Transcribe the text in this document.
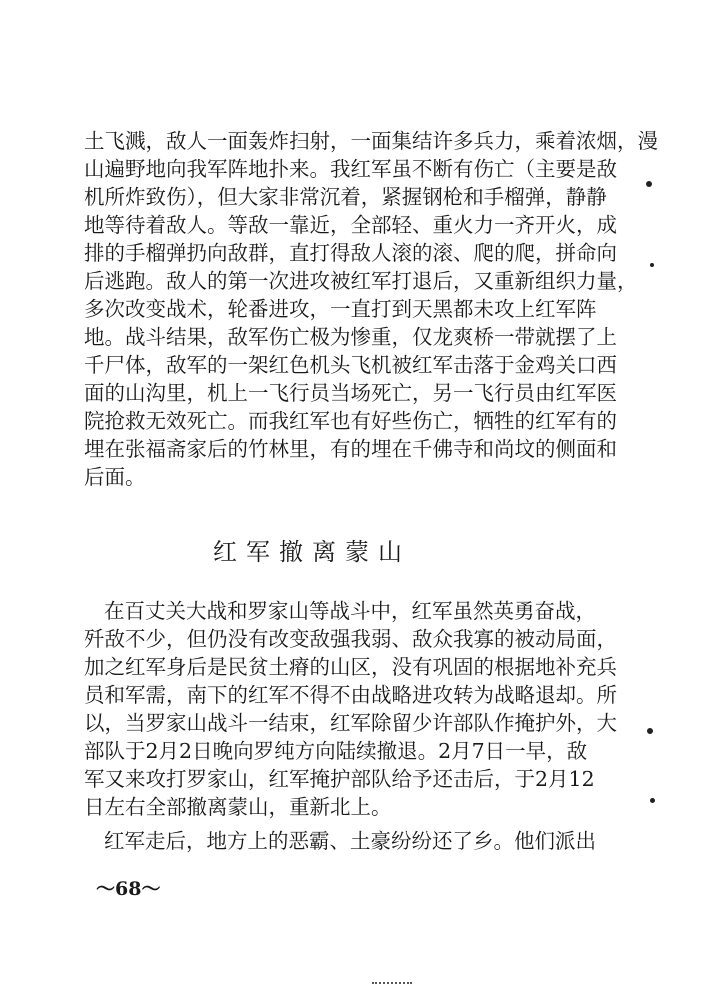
土飞溅，敌人一面轰炸扫射，一面集结许多兵力，乘着浓烟，漫
山遍野地向我军阵地扑来。我红军虽不断有伤亡（主要是敌
机所炸致伤），但大家非常沉着，紧握钢枪和手榴弹，静静
地等待着敌人。等敌一靠近，全部轻、重火力一齐开火，成
排的手榴弹扔向敌群，直打得敌人滚的滚、爬的爬，拼命向
后逃跑。敌人的第一次进攻被红军打退后，又重新组织力量，
多次改变战术，轮番进攻，一直打到天黑都未攻上红军阵
地。战斗结果，敌军伤亡极为惨重，仅龙爽桥一带就摆了上
千尸体，敌军的一架红色机头飞机被红军击落于金鸡关口西
面的山沟里，机上一飞行员当场死亡，另一飞行员由红军医
院抢救无效死亡。而我红军也有好些伤亡，牺牲的红军有的
埋在张福斋家后的竹林里，有的埋在千佛寺和尚坟的侧面和
后面。
红军撤离蒙山
在百丈关大战和罗家山等战斗中，红军虽然英勇奋战，
歼敌不少，但仍没有改变敌强我弱、敌众我寡的被动局面，
加之红军身后是民贫土瘠的山区，没有巩固的根据地补充兵
员和军需，南下的红军不得不由战略进攻转为战略退却。所
以，当罗家山战斗一结束，红军除留少许部队作掩护外，大
部队于2月2日晚向罗纯方向陆续撤退。2月7日一早，敌
军又来攻打罗家山，红军掩护部队给予还击后，于2月12
日左右全部撤离蒙山，重新北上。
红军走后，地方上的恶霸、土豪纷纷还了乡。他们派出
～68～
